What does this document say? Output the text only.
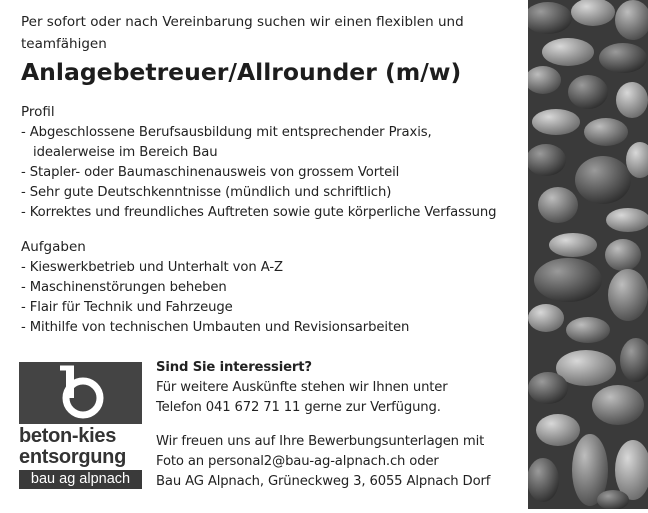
Per sofort oder nach Vereinbarung suchen wir einen flexiblen und teamfähigen

Anlagebetreuer/Allrounder (m/w)

Profil

- Abgeschlossene Berufsausbildung mit entsprechender Praxis, idealerweise im Bereich Bau
- Stapler- oder Baumaschinenausweis von grossem Vorteil
- Sehr gute Deutschkenntnisse (mündlich und schriftlich)
- Korrektes und freundliches Auftreten sowie gute körperliche Verfassung

Aufgaben

- Kieswerkbetrieb und Unterhalt von A-Z
- Maschinenstörungen beheben
- Flair für Technik und Fahrzeuge
- Mithilfe von technischen Umbauten und Revisionsarbeiten
beton-kies
entsorgung
bau ag alpnach

Sind Sie interessiert?

Für weitere Auskünfte stehen wir Ihnen unter

Telefon 041 672 71 11 gerne zur Verfügung.

Wir freuen uns auf Ihre Bewerbungsunterlagen mit

Foto an personal2@bau-ag-alpnach.ch oder

Bau AG Alpnach, Grüneckweg 3, 6055 Alpnach Dorf
